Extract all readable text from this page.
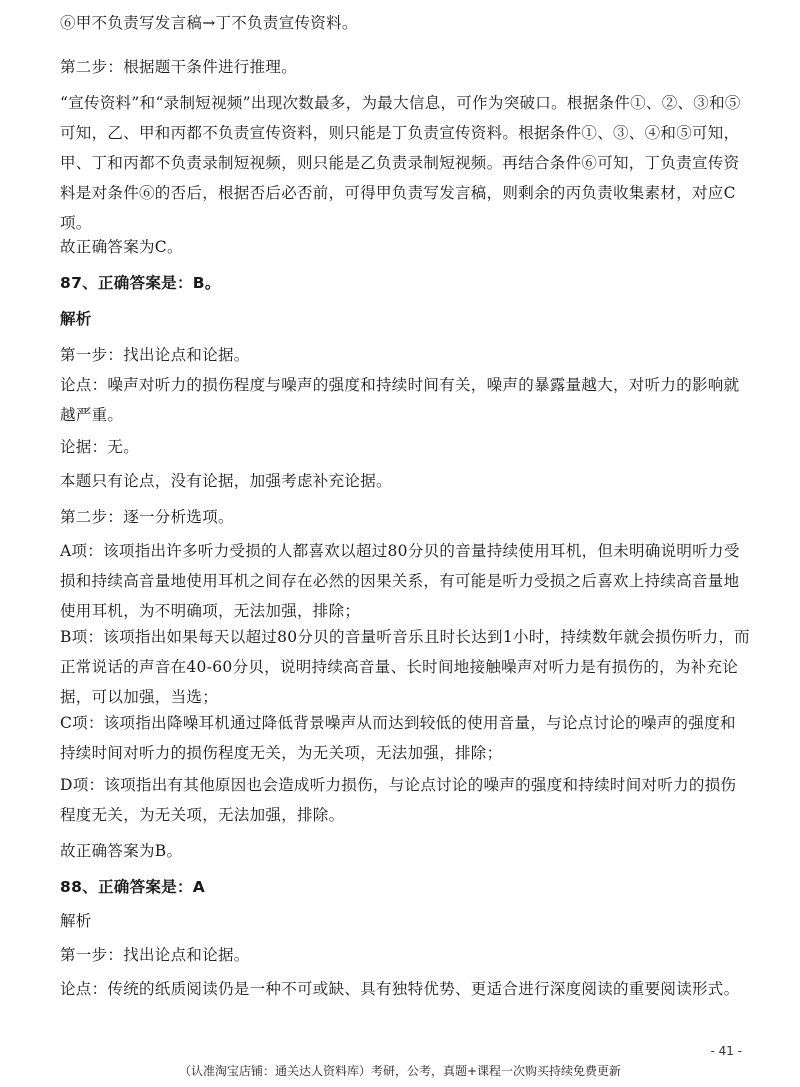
⑥甲不负责写发言稿→丁不负责宣传资料。

第二步：根据题干条件进行推理。

“宣传资料”和“录制短视频”出现次数最多，为最大信息，可作为突破口。根据条件①、②、③和⑤可知，乙、甲和丙都不负责宣传资料，则只能是丁负责宣传资料。根据条件①、③、④和⑤可知，甲、丁和丙都不负责录制短视频，则只能是乙负责录制短视频。再结合条件⑥可知，丁负责宣传资料是对条件⑥的否后，根据否后必否前，可得甲负责写发言稿，则剩余的丙负责收集素材，对应C项。

故正确答案为C。

87、正确答案是：B。

解析

第一步：找出论点和论据。

论点：噪声对听力的损伤程度与噪声的强度和持续时间有关，噪声的暴露量越大，对听力的影响就越严重。

论据：无。

本题只有论点，没有论据，加强考虑补充论据。

第二步：逐一分析选项。

A项：该项指出许多听力受损的人都喜欢以超过80分贝的音量持续使用耳机，但未明确说明听力受损和持续高音量地使用耳机之间存在必然的因果关系，有可能是听力受损之后喜欢上持续高音量地使用耳机，为不明确项，无法加强，排除；

B项：该项指出如果每天以超过80分贝的音量听音乐且时长达到1小时，持续数年就会损伤听力，而正常说话的声音在40-60分贝，说明持续高音量、长时间地接触噪声对听力是有损伤的，为补充论据，可以加强，当选；

C项：该项指出降噪耳机通过降低背景噪声从而达到较低的使用音量，与论点讨论的噪声的强度和持续时间对听力的损伤程度无关，为无关项，无法加强，排除；

D项：该项指出有其他原因也会造成听力损伤，与论点讨论的噪声的强度和持续时间对听力的损伤程度无关，为无关项，无法加强，排除。

故正确答案为B。

88、正确答案是：A

解析

第一步：找出论点和论据。

论点：传统的纸质阅读仍是一种不可或缺、具有独特优势、更适合进行深度阅读的重要阅读形式。

- 41 -
（认准淘宝店铺：通关达人资料库）考研，公考，真题+课程一次购买持续免费更新
